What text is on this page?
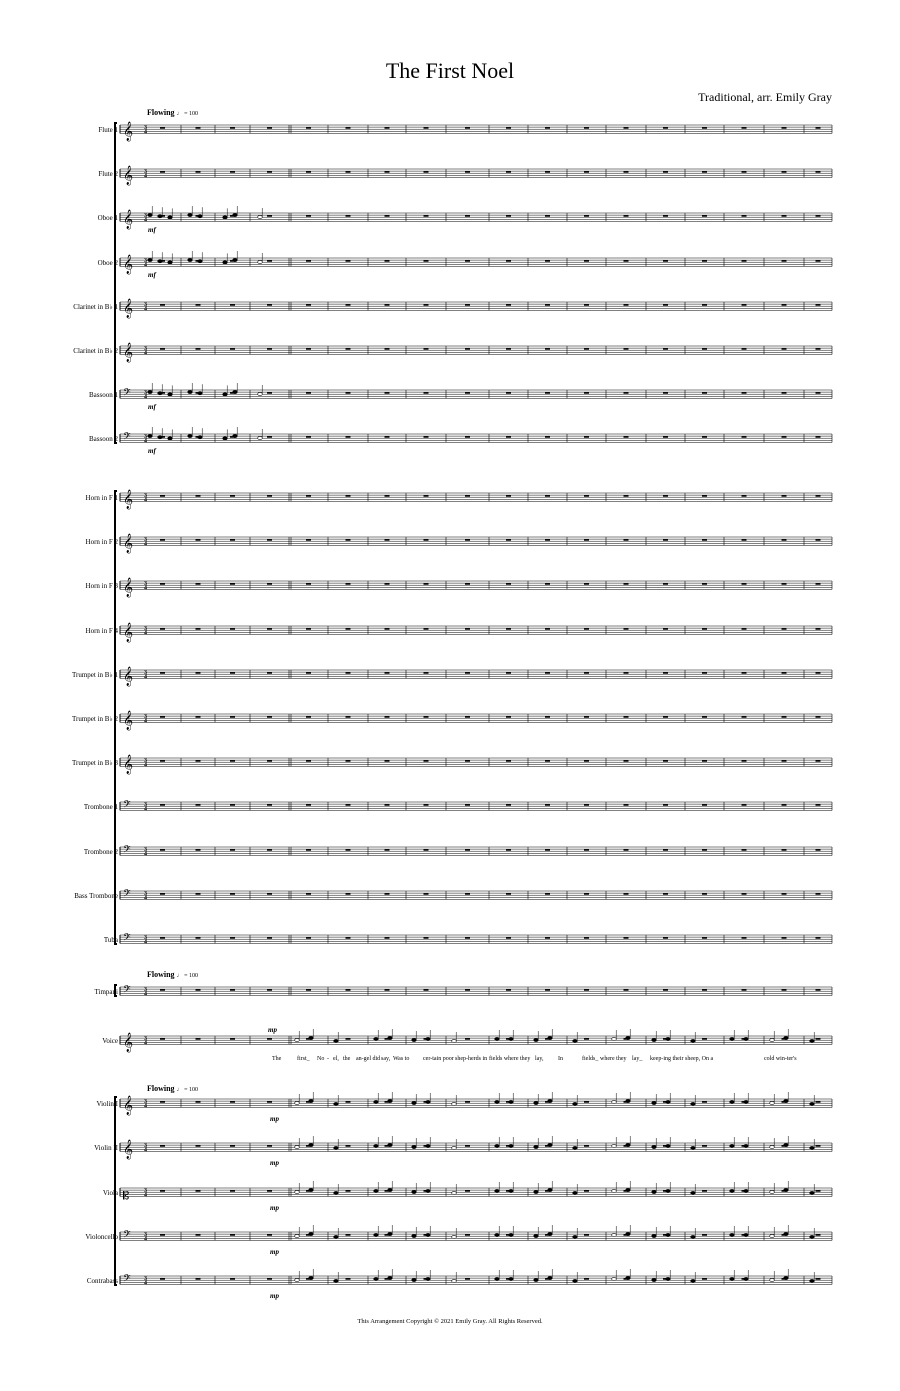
The First Noel
Traditional, arr. Emily Gray
Flowing ♩ = 100
Flowing ♩ = 100
Flowing ♩ = 100
Flute 1
Flute 2
Oboe 1
Oboe 2
Clarinet in B♭ 1
Clarinet in B♭ 2
Bassoon 1
Bassoon 2
Horn in F 1
Horn in F 2
Horn in F 3
Horn in F 4
Trumpet in B♭ 1
Trumpet in B♭ 2
Trumpet in B♭ 3
Trombone 1
Trombone 2
Bass Trombone
Tuba
Timpani
Voice
Violin I
Violin II
Viola
Violoncello
Contrabass
𝄞 3
4
𝄞 3
4
𝄞 3
4
𝄞 3
4
𝄞 3
4
𝄞 3
4
𝄢 3
4
𝄢 3
4
𝄞 3
4
𝄞 3
4
𝄞 3
4
𝄞 3
4
𝄞 3
4
𝄞 3
4
𝄞 3
4
𝄢 3
4
𝄢 3
4
𝄢 3
4
𝄢 3
4
𝄢 3
4
𝄞 3
4
𝄞 3
4
𝄞 3
4
𝄡 3
4
𝄢 3
4
𝄢 3
4
mf
mf
mf
mf
mp
mp
mp
mp
mp
mp
The	first_ No - el, the an-gel did say, Was to cer-tain poor shep-herds in fields where they lay, In	fields_ where they lay_ keep-ing their sheep, On a	cold win-ter's
This Arrangement Copyright © 2021 Emily Gray. All Rights Reserved.
